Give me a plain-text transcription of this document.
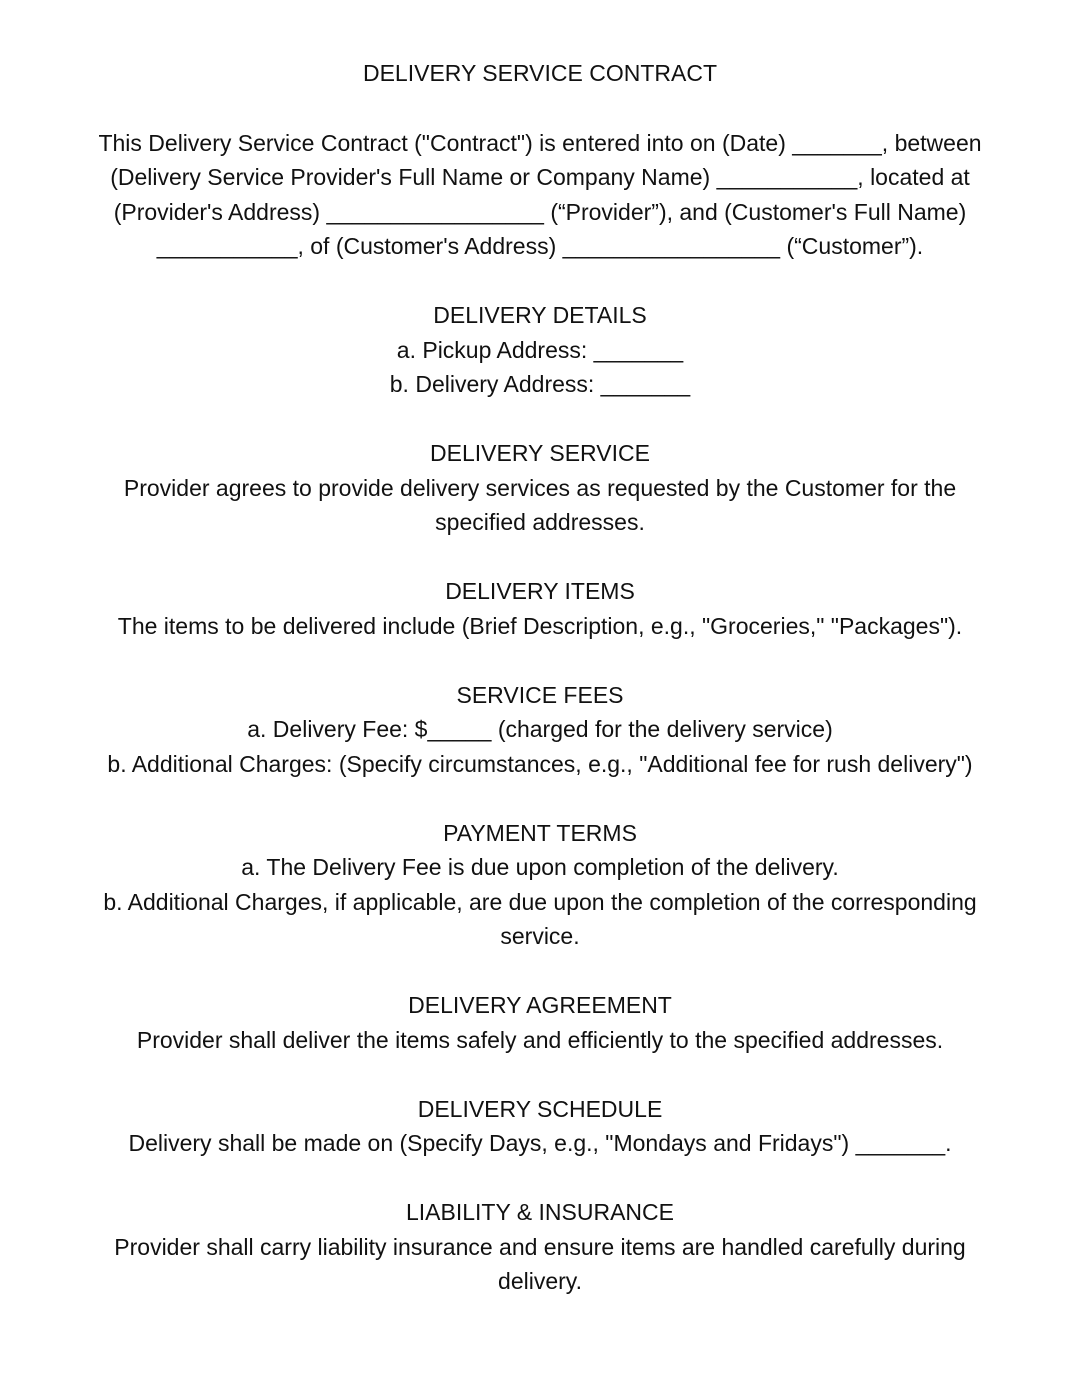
DELIVERY SERVICE CONTRACT

This Delivery Service Contract ("Contract") is entered into on (Date) _______, between

(Delivery Service Provider's Full Name or Company Name) ___________, located at

(Provider's Address) _________________ (“Provider”), and (Customer's Full Name)

___________, of (Customer's Address) _________________ (“Customer”).

DELIVERY DETAILS

a. Pickup Address: _______

b. Delivery Address: _______

DELIVERY SERVICE

Provider agrees to provide delivery services as requested by the Customer for the

specified addresses.

DELIVERY ITEMS

The items to be delivered include (Brief Description, e.g., "Groceries," "Packages").

SERVICE FEES

a. Delivery Fee: $_____ (charged for the delivery service)

b. Additional Charges: (Specify circumstances, e.g., "Additional fee for rush delivery")

PAYMENT TERMS

a. The Delivery Fee is due upon completion of the delivery.

b. Additional Charges, if applicable, are due upon the completion of the corresponding

service.

DELIVERY AGREEMENT

Provider shall deliver the items safely and efficiently to the specified addresses.

DELIVERY SCHEDULE

Delivery shall be made on (Specify Days, e.g., "Mondays and Fridays") _______.

LIABILITY & INSURANCE

Provider shall carry liability insurance and ensure items are handled carefully during

delivery.
